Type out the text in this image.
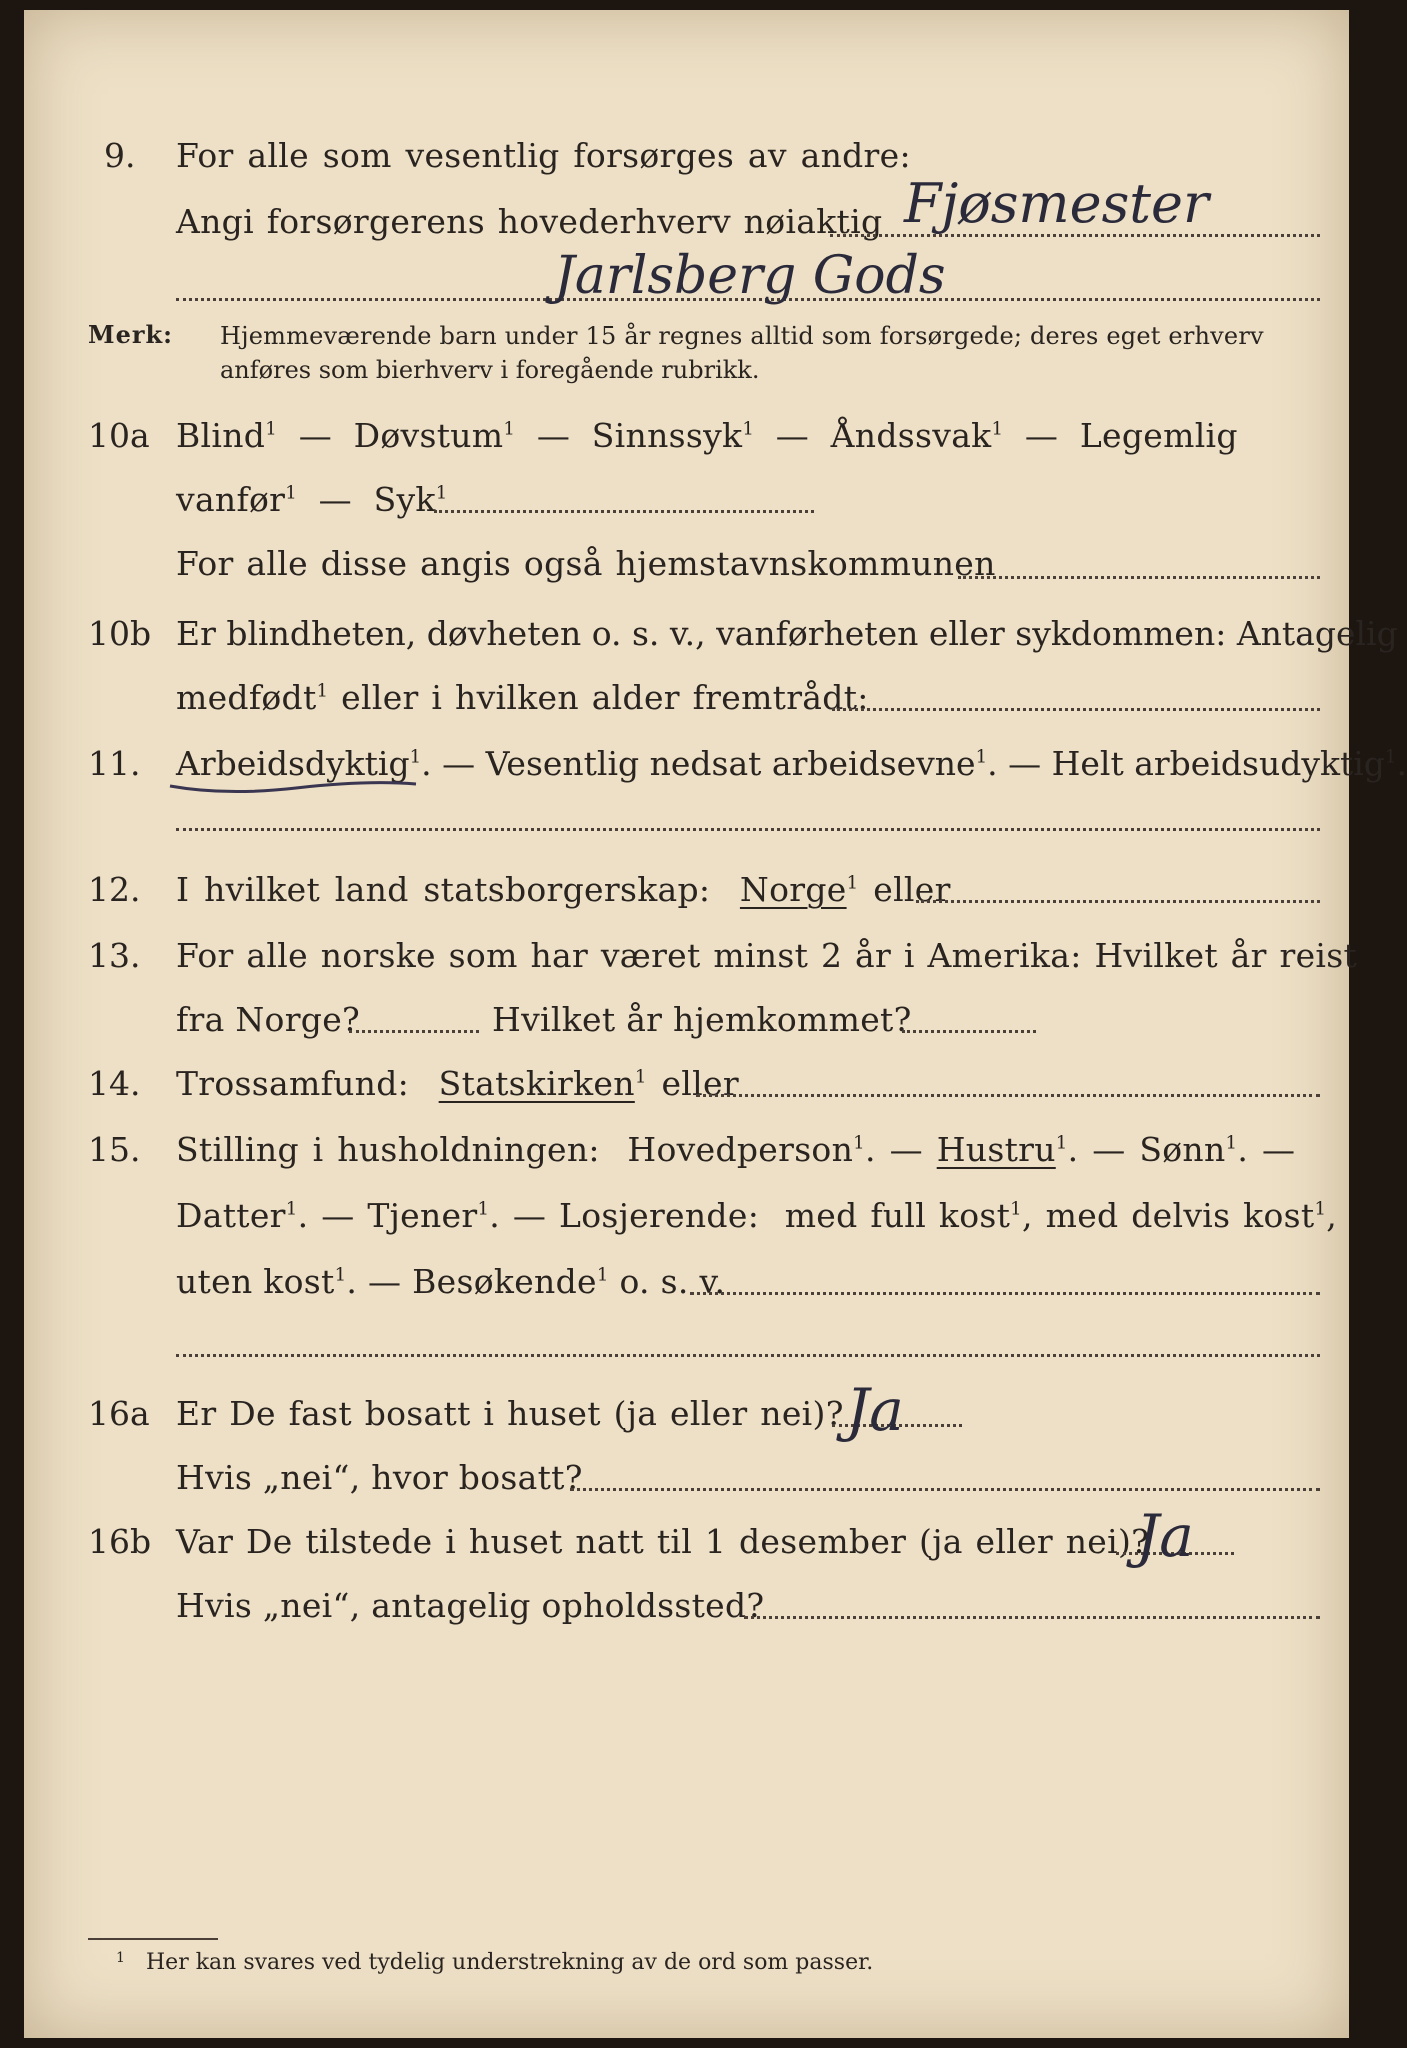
9. For alle som vesentlig forsørges av andre:
Angi forsørgerens hovederhverv nøiaktig Fjøsmester
Jarlsberg Gods
Merk: Hjemmeværende barn under 15 år regnes alltid som forsørgede; deres eget erhverv
anføres som bierhverv i foregående rubrikk.
10a Blind$^1$ — Døvstum$^1$ — Sinnssyk$^1$ — Åndssvak$^1$ — Legemlig
vanfør$^1$ — Syk$^1$
For alle disse angis også hjemstavnskommunen
10b Er blindheten, døvheten o. s. v., vanførheten eller sykdommen: Antagelig
medfødt$^1$ eller i hvilken alder fremtrådt:
11. Arbeidsdyktig$^1$. — Vesentlig nedsat arbeidsevne$^1$. — Helt arbeidsudyktig$^1$.
12. I hvilket land statsborgerskap: Norge$^1$ eller
13. For alle norske som har været minst 2 år i Amerika: Hvilket år reist
fra Norge?	Hvilket år hjemkommet?
14. Trossamfund: Statskirken$^1$ eller
15. Stilling i husholdningen: Hovedperson$^1$. — Hustru$^1$. — Sønn$^1$. —
Datter$^1$. — Tjener$^1$. — Losjerende: med full kost$^1$, med delvis kost$^1$,
uten kost$^1$. — Besøkende$^1$ o. s. v.
16a Er De fast bosatt i huset (ja eller nei)? Ja
Hvis „nei“, hvor bosatt?
16b Var De tilstede i huset natt til 1 desember (ja eller nei)?
Ja
Hvis „nei“, antagelig opholdssted?
1 Her kan svares ved tydelig understrekning av de ord som passer.
